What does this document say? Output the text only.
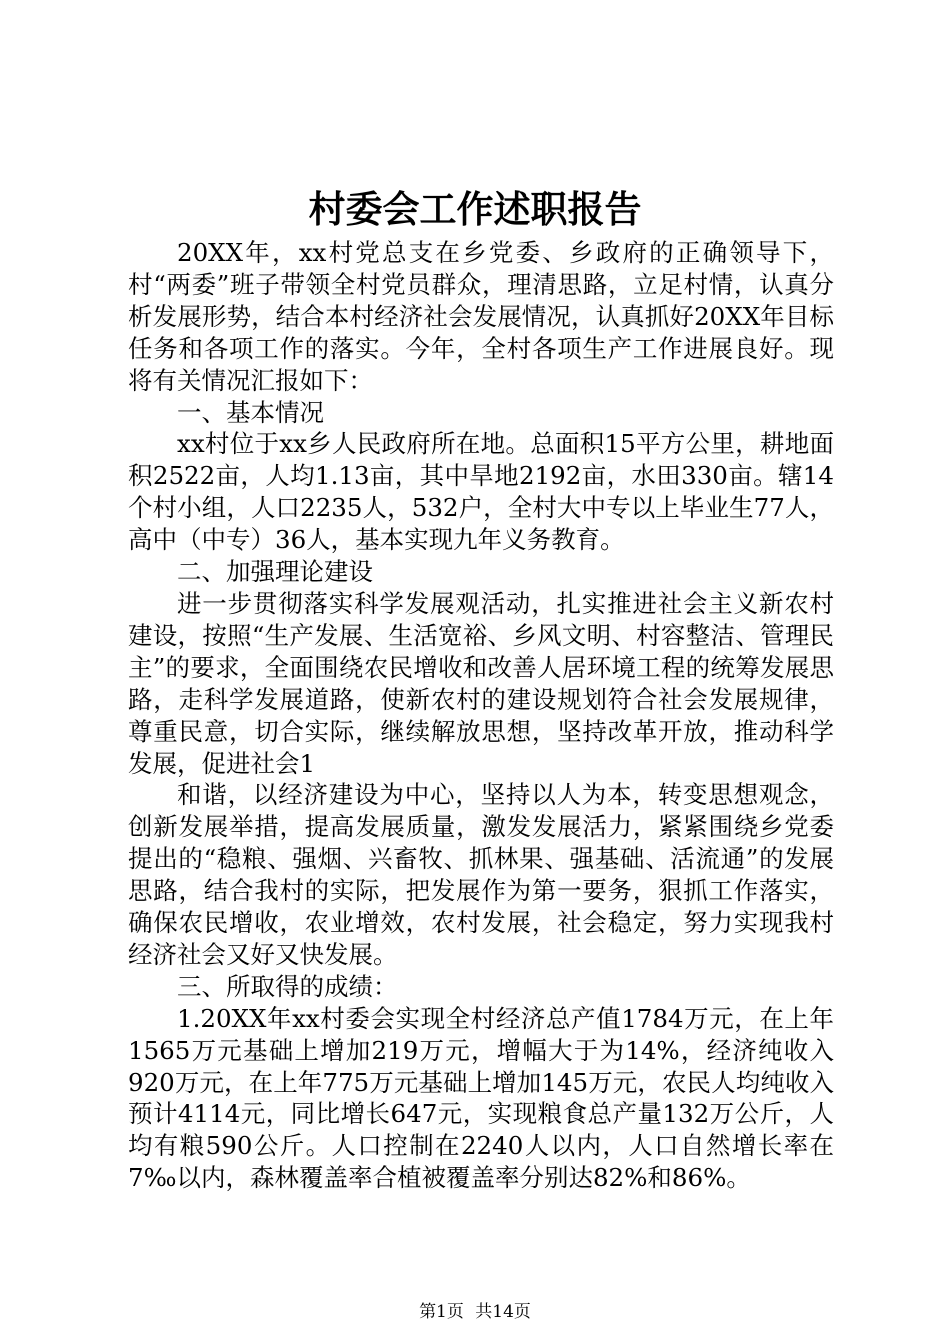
村委会工作述职报告

20XX年，xx村党总支在乡党委、乡政府的正确领导下，村“两委”班子带领全村党员群众，理清思路，立足村情，认真分析发展形势，结合本村经济社会发展情况，认真抓好20XX年目标任务和各项工作的落实。今年，全村各项生产工作进展良好。现将有关情况汇报如下：

一、基本情况

xx村位于xx乡人民政府所在地。总面积15平方公里，耕地面积2522亩，人均1.13亩，其中旱地2192亩，水田330亩。辖14个村小组，人口2235人，532户，全村大中专以上毕业生77人，高中（中专）36人，基本实现九年义务教育。

二、加强理论建设

进一步贯彻落实科学发展观活动，扎实推进社会主义新农村建设，按照“生产发展、生活宽裕、乡风文明、村容整洁、管理民主”的要求，全面围绕农民增收和改善人居环境工程的统筹发展思路，走科学发展道路，使新农村的建设规划符合社会发展规律，尊重民意，切合实际，继续解放思想，坚持改革开放，推动科学发展，促进社会1

和谐，以经济建设为中心，坚持以人为本，转变思想观念，创新发展举措，提高发展质量，激发发展活力，紧紧围绕乡党委提出的“稳粮、强烟、兴畜牧、抓林果、强基础、活流通”的发展思路，结合我村的实际，把发展作为第一要务，狠抓工作落实，确保农民增收，农业增效，农村发展，社会稳定，努力实现我村经济社会又好又快发展。

三、所取得的成绩：

1.20XX年xx村委会实现全村经济总产值1784万元，在上年1565万元基础上增加219万元，增幅大于为14%，经济纯收入920万元，在上年775万元基础上增加145万元，农民人均纯收入预计4114元，同比增长647元，实现粮食总产量132万公斤，人均有粮590公斤。人口控制在2240人以内，人口自然增长率在7‰以内，森林覆盖率合植被覆盖率分别达82%和86%。

第1页 共14页
